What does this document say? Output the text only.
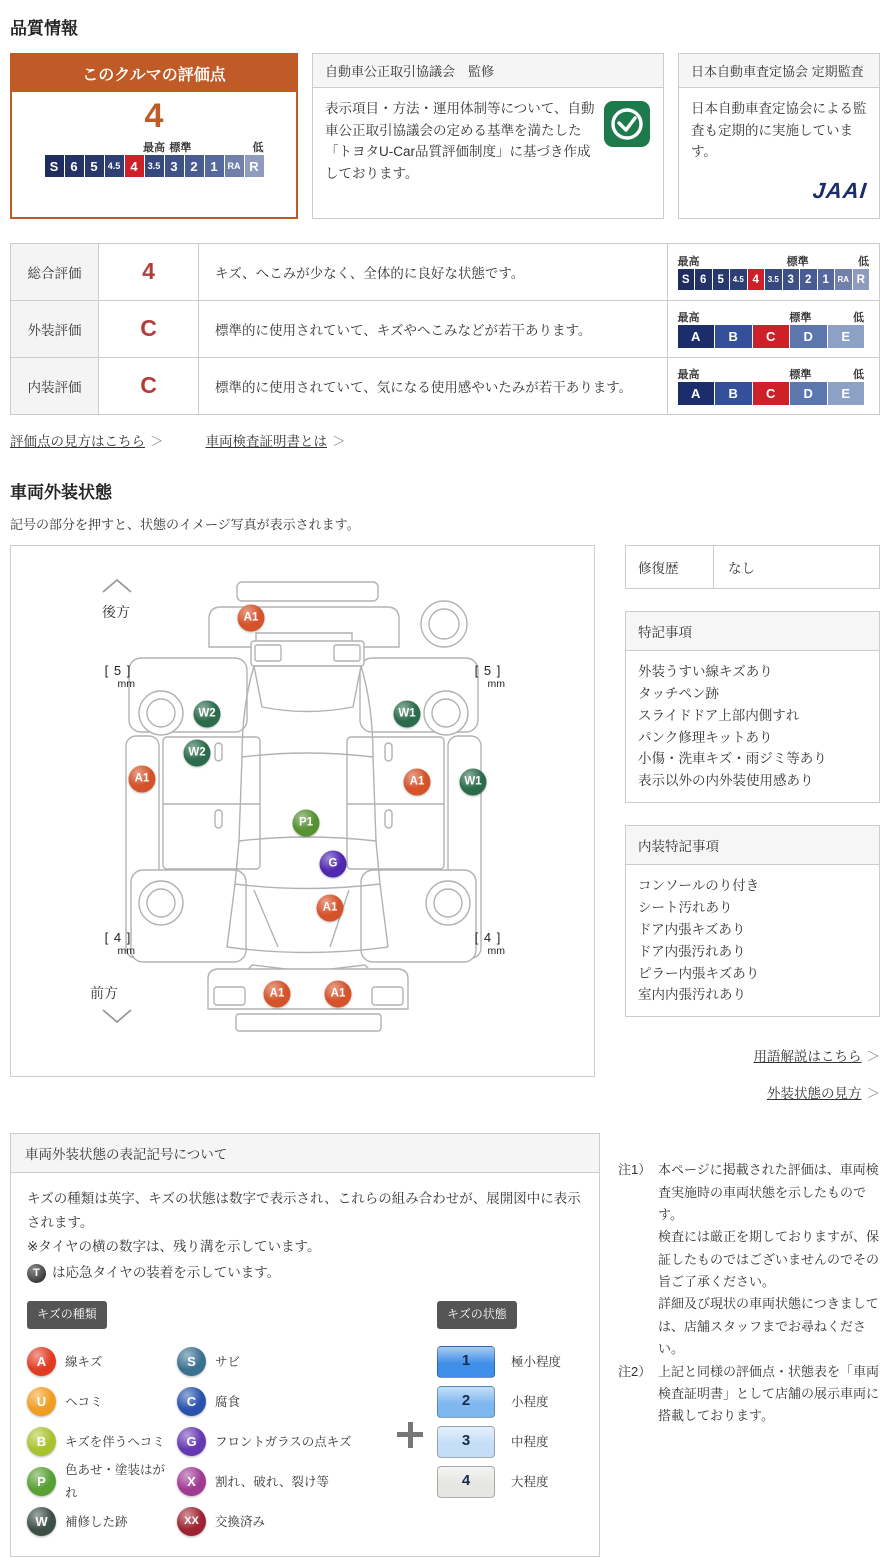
品質情報
このクルマの評価点
4
最高 標準	低
S 6 5	4.5 4	3.5 3 2 1	RA R
自動車公正取引協議会　監修
表示項目・方法・運用体制等について、自動車公正取引協議会の定める基準を満たした「トヨタU-Car品質評価制度」に基づき作成しております。
日本自動車査定協会 定期監査
日本自動車査定協会による監査も定期的に実施しています。
JAAI
総合評価	4	キズ、へこみが少なく、全体的に良好な状態です。	
最高	標準	低
S 6 5	4.5 4	3.5 3 2 1	RA R

外装評価	C	標準的に使用されていて、キズやへこみなどが若干あります。	
最高	標準	低
A	B	C	D	E

内装評価	C	標準的に使用されていて、気になる使用感やいたみが若干あります。	
最高	標準	低
A	B	C	D	E
評価点の見方はこちら ＞	車両検査証明書とは ＞
車両外装状態
記号の部分を押すと、状態のイメージ写真が表示されます。
後方
前方
[ 5 ]
mm
[ 5 ]
mm
[ 4 ]
mm
[ 4 ]
mm
A1
W2
W2
A1
W1
A1	W1
P1
G
A1
A1	A1
修復歴	なし
特記事項
外装うすい線キズあり
タッチペン跡
スライドドア上部内側すれ
パンク修理キットあり
小傷・洗車キズ・雨ジミ等あり
表示以外の内外装使用感あり
内装特記事項
コンソールのり付き
シート汚れあり
ドア内張キズあり
ドア内張汚れあり
ピラー内張キズあり
室内内張汚れあり
用語解説はこちら ＞
外装状態の見方 ＞
車両外装状態の表記記号について
キズの種類は英字、キズの状態は数字で表示され、これらの組み合わせが、展開図中に表示されます。
※タイヤの横の数字は、残り溝を示しています。
T は応急タイヤの装着を示しています。
キズの種類
A	線キズ
U	ヘコミ
B	キズを伴うヘコミ
P
色あせ・塗装はがれ
W	補修した跡
S	サビ
C	腐食
G	フロントガラスの点キズ
X	割れ、破れ、裂け等
XX	交換済み
キズの状態
1	極小程度
2	小程度
3	中程度
4	大程度
注1） 本ページに掲載された評価は、車両検査実施時の車両状態を示したものです。
検査には厳正を期しておりますが、保証したものではございませんのでその旨ご了承ください。
詳細及び現状の車両状態につきましては、店舗スタッフまでお尋ねください。
注2） 上記と同様の評価点・状態表を「車両検査証明書」として店舗の展示車両に搭載しております。
